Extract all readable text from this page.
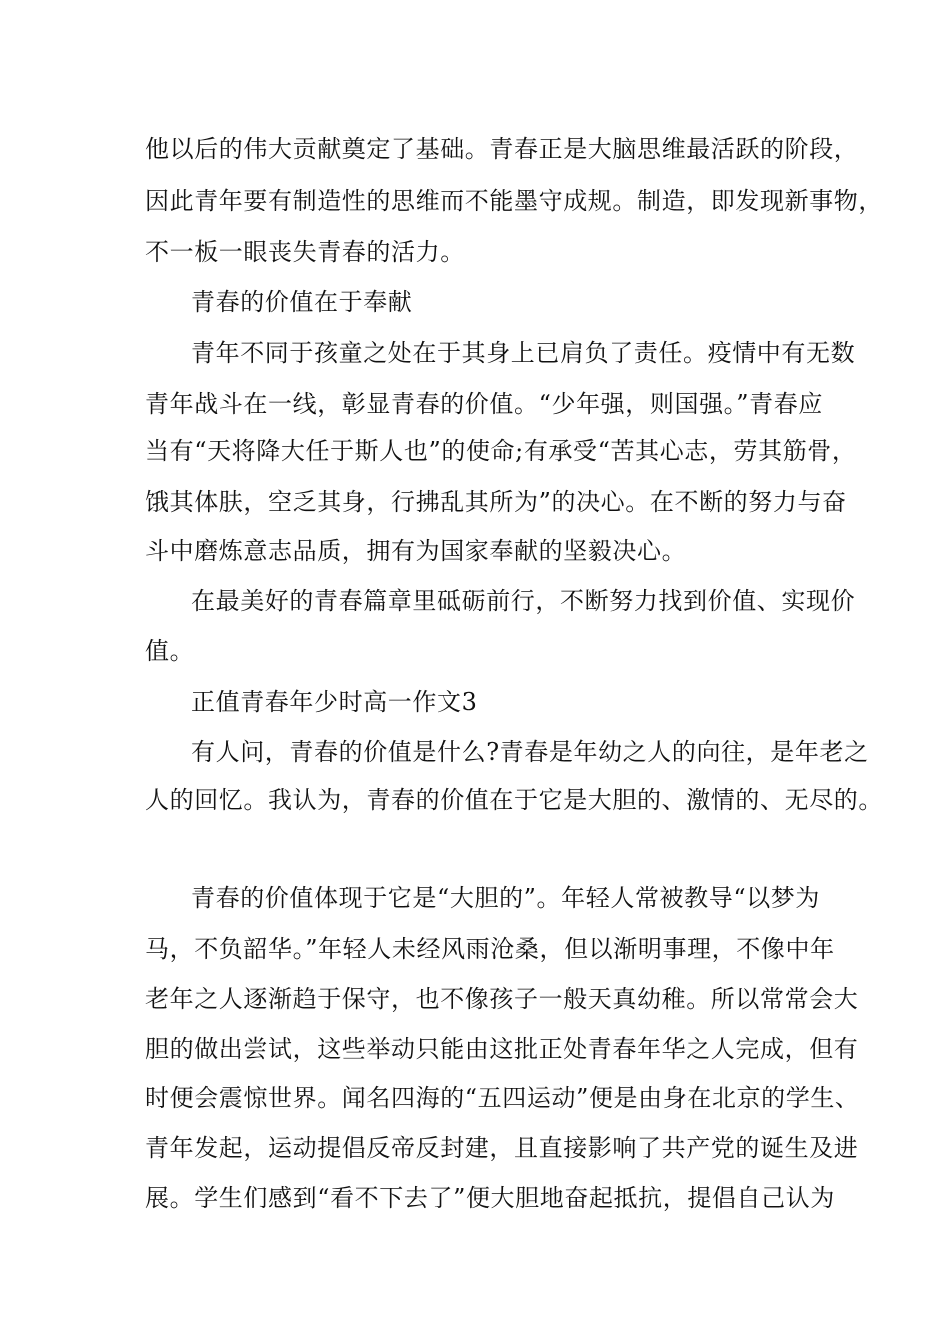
他以后的伟大贡献奠定了基础。青春正是大脑思维最活跃的阶段，
因此青年要有制造性的思维而不能墨守成规。制造，即发现新事物，
不一板一眼丧失青春的活力。
青春的价值在于奉献
青年不同于孩童之处在于其身上已肩负了责任。疫情中有无数
青年战斗在一线，彰显青春的价值。“少年强，则国强。”青春应
当有“天将降大任于斯人也”的使命;有承受“苦其心志，劳其筋骨，
饿其体肤，空乏其身，行拂乱其所为”的决心。在不断的努力与奋
斗中磨炼意志品质，拥有为国家奉献的坚毅决心。
在最美好的青春篇章里砥砺前行，不断努力找到价值、实现价
值。
正值青春年少时高一作文3
有人问，青春的价值是什么?青春是年幼之人的向往，是年老之
人的回忆。我认为，青春的价值在于它是大胆的、激情的、无尽的。
青春的价值体现于它是“大胆的”。年轻人常被教导“以梦为
马，不负韶华。”年轻人未经风雨沧桑，但以渐明事理，不像中年
老年之人逐渐趋于保守，也不像孩子一般天真幼稚。所以常常会大
胆的做出尝试，这些举动只能由这批正处青春年华之人完成，但有
时便会震惊世界。闻名四海的“五四运动”便是由身在北京的学生、
青年发起，运动提倡反帝反封建，且直接影响了共产党的诞生及进
展。学生们感到“看不下去了”便大胆地奋起抵抗，提倡自己认为
